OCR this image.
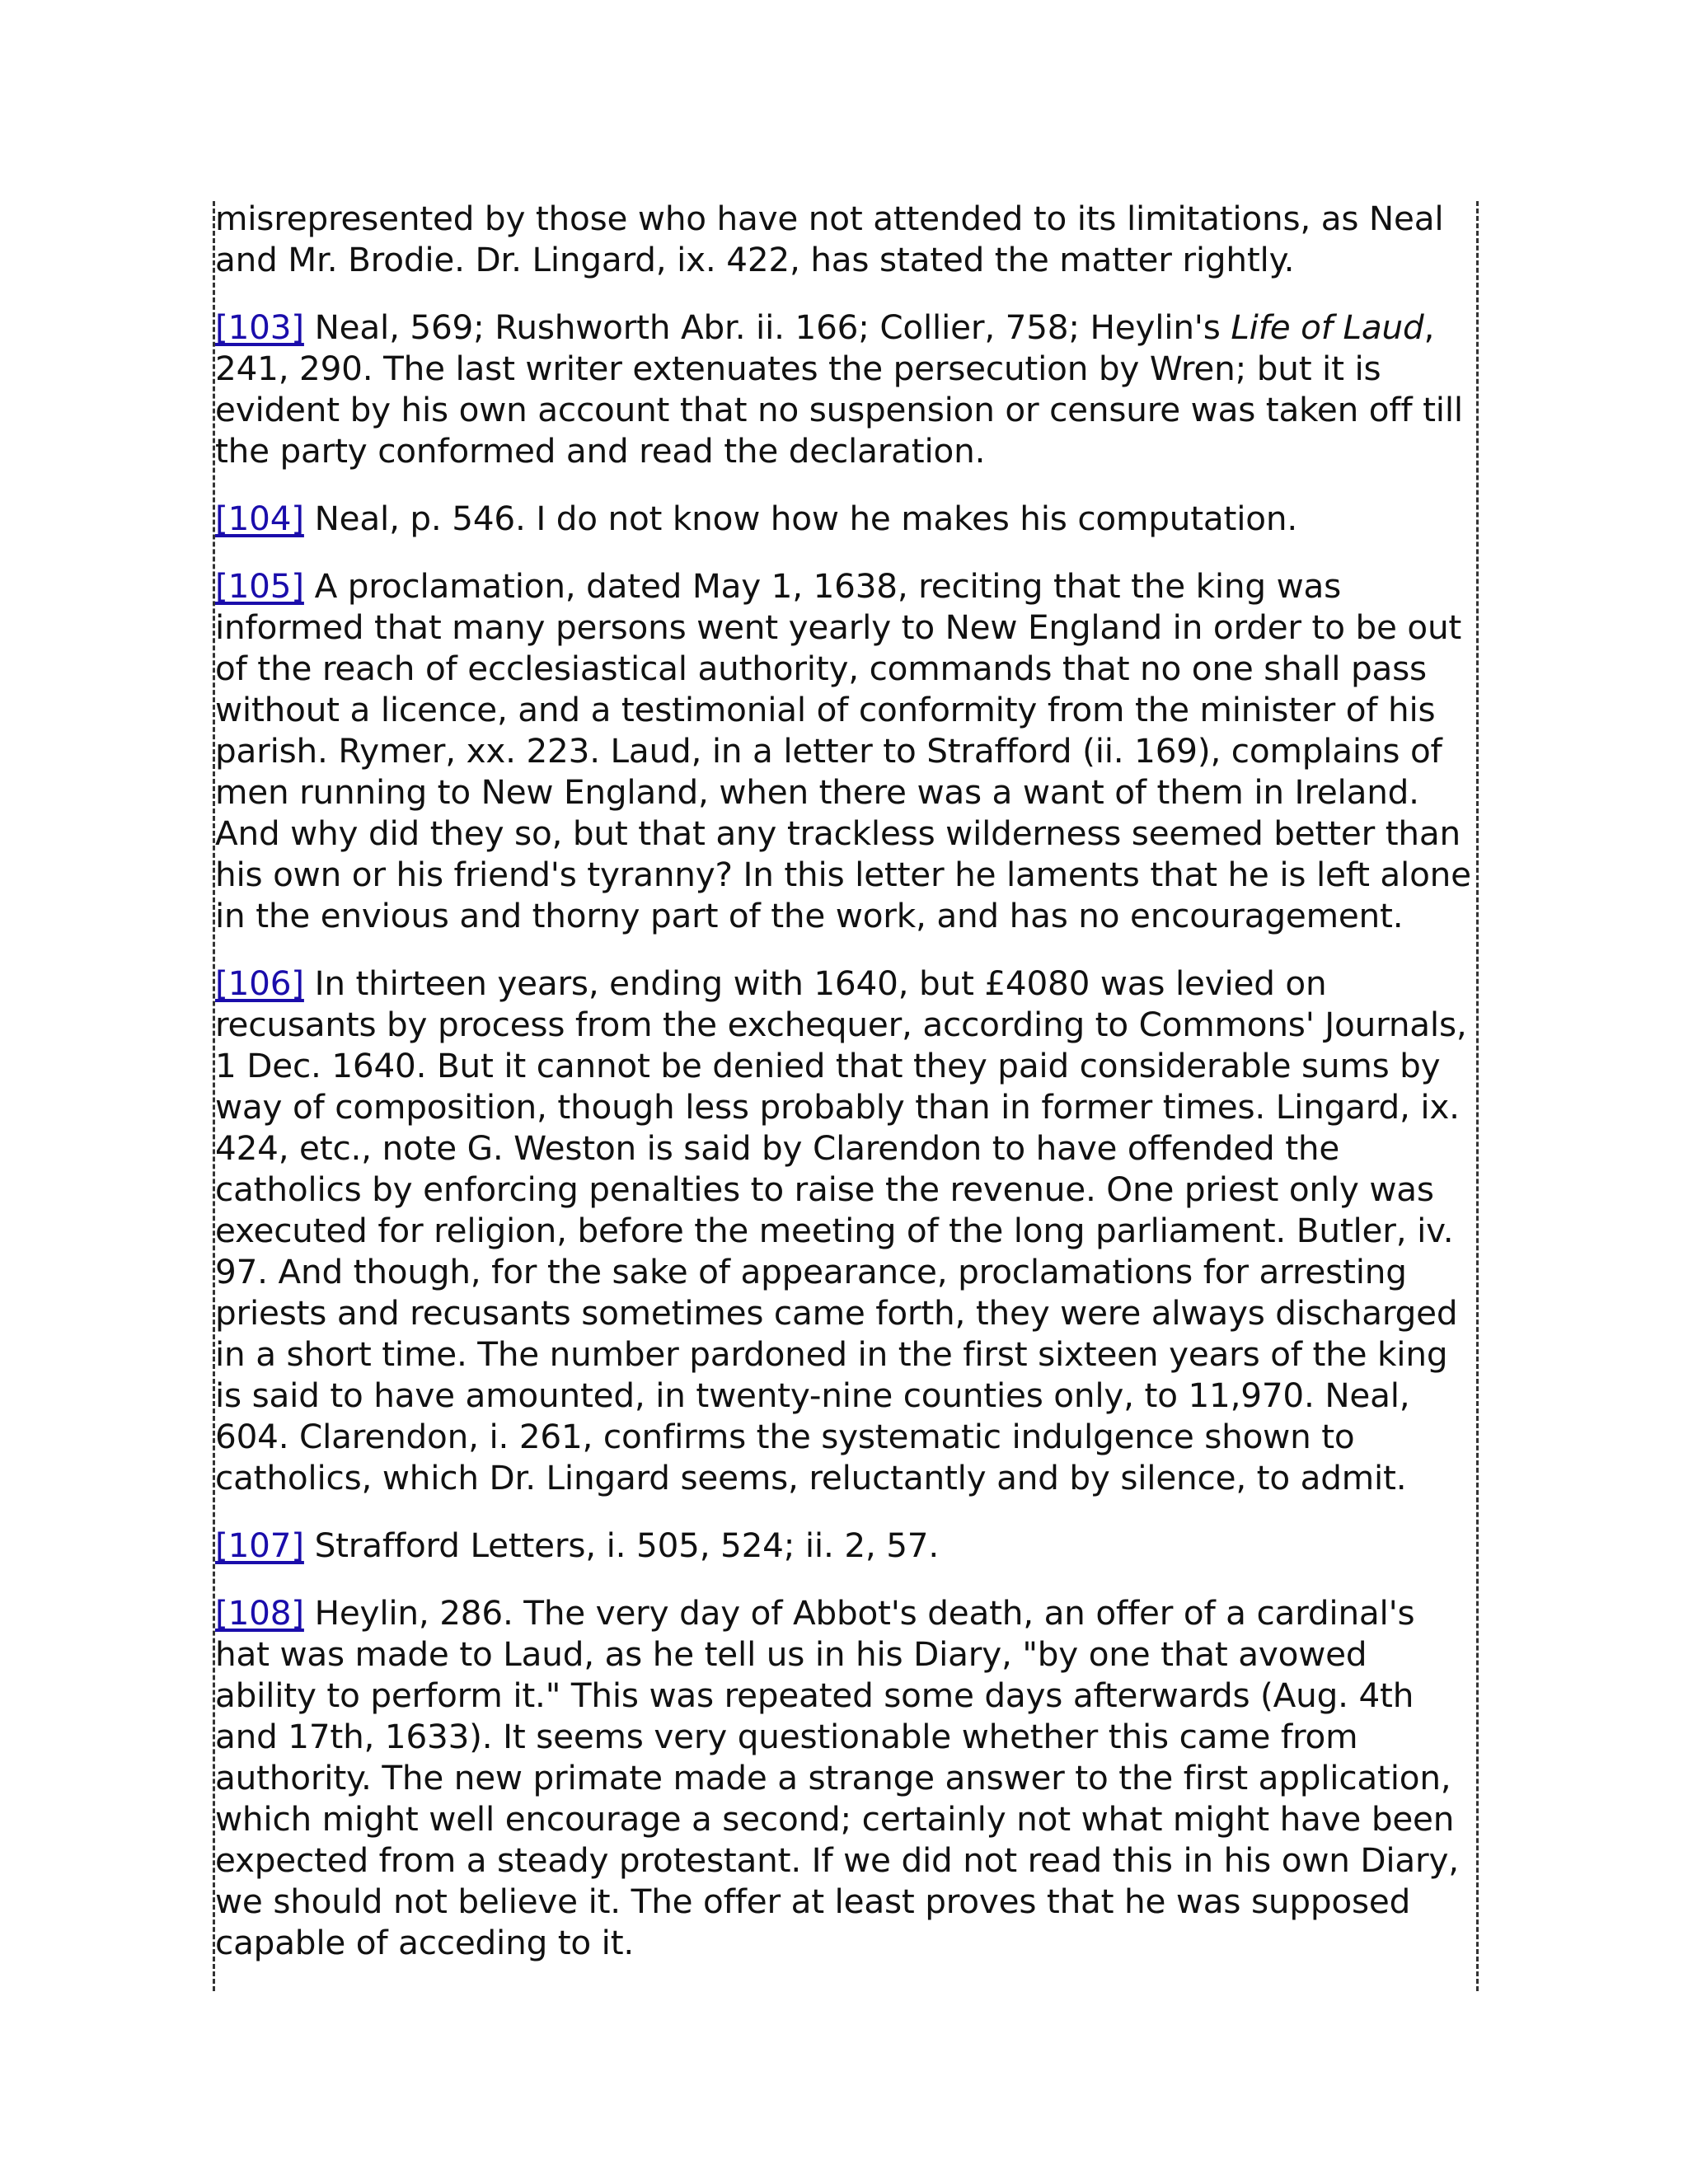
misrepresented by those who have not attended to its limitations, as Neal and Mr. Brodie. Dr. Lingard, ix. 422, has stated the matter rightly.

[103] Neal, 569; Rushworth Abr. ii. 166; Collier, 758; Heylin's Life of Laud, 241, 290. The last writer extenuates the persecution by Wren; but it is evident by his own account that no suspension or censure was taken off till the party conformed and read the declaration.

[104] Neal, p. 546. I do not know how he makes his computation.

[105] A proclamation, dated May 1, 1638, reciting that the king was informed that many persons went yearly to New England in order to be out of the reach of ecclesiastical authority, commands that no one shall pass without a licence, and a testimonial of conformity from the minister of his parish. Rymer, xx. 223. Laud, in a letter to Strafford (ii. 169), complains of men running to New England, when there was a want of them in Ireland. And why did they so, but that any trackless wilderness seemed better than his own or his friend's tyranny? In this letter he laments that he is left alone in the envious and thorny part of the work, and has no encouragement.

[106] In thirteen years, ending with 1640, but £4080 was levied on recusants by process from the exchequer, according to Commons' Journals, 1 Dec. 1640. But it cannot be denied that they paid considerable sums by way of composition, though less probably than in former times. Lingard, ix. 424, etc., note G. Weston is said by Clarendon to have offended the catholics by enforcing penalties to raise the revenue. One priest only was executed for religion, before the meeting of the long parliament. Butler, iv. 97. And though, for the sake of appearance, proclamations for arresting priests and recusants sometimes came forth, they were always discharged in a short time. The number pardoned in the first sixteen years of the king is said to have amounted, in twenty-nine counties only, to 11,970. Neal, 604. Clarendon, i. 261, confirms the systematic indulgence shown to catholics, which Dr. Lingard seems, reluctantly and by silence, to admit.

[107] Strafford Letters, i. 505, 524; ii. 2, 57.

[108] Heylin, 286. The very day of Abbot's death, an offer of a cardinal's hat was made to Laud, as he tell us in his Diary, "by one that avowed ability to perform it." This was repeated some days afterwards (Aug. 4th and 17th, 1633). It seems very questionable whether this came from authority. The new primate made a strange answer to the first application, which might well encourage a second; certainly not what might have been expected from a steady protestant. If we did not read this in his own Diary, we should not believe it. The offer at least proves that he was supposed capable of acceding to it.
